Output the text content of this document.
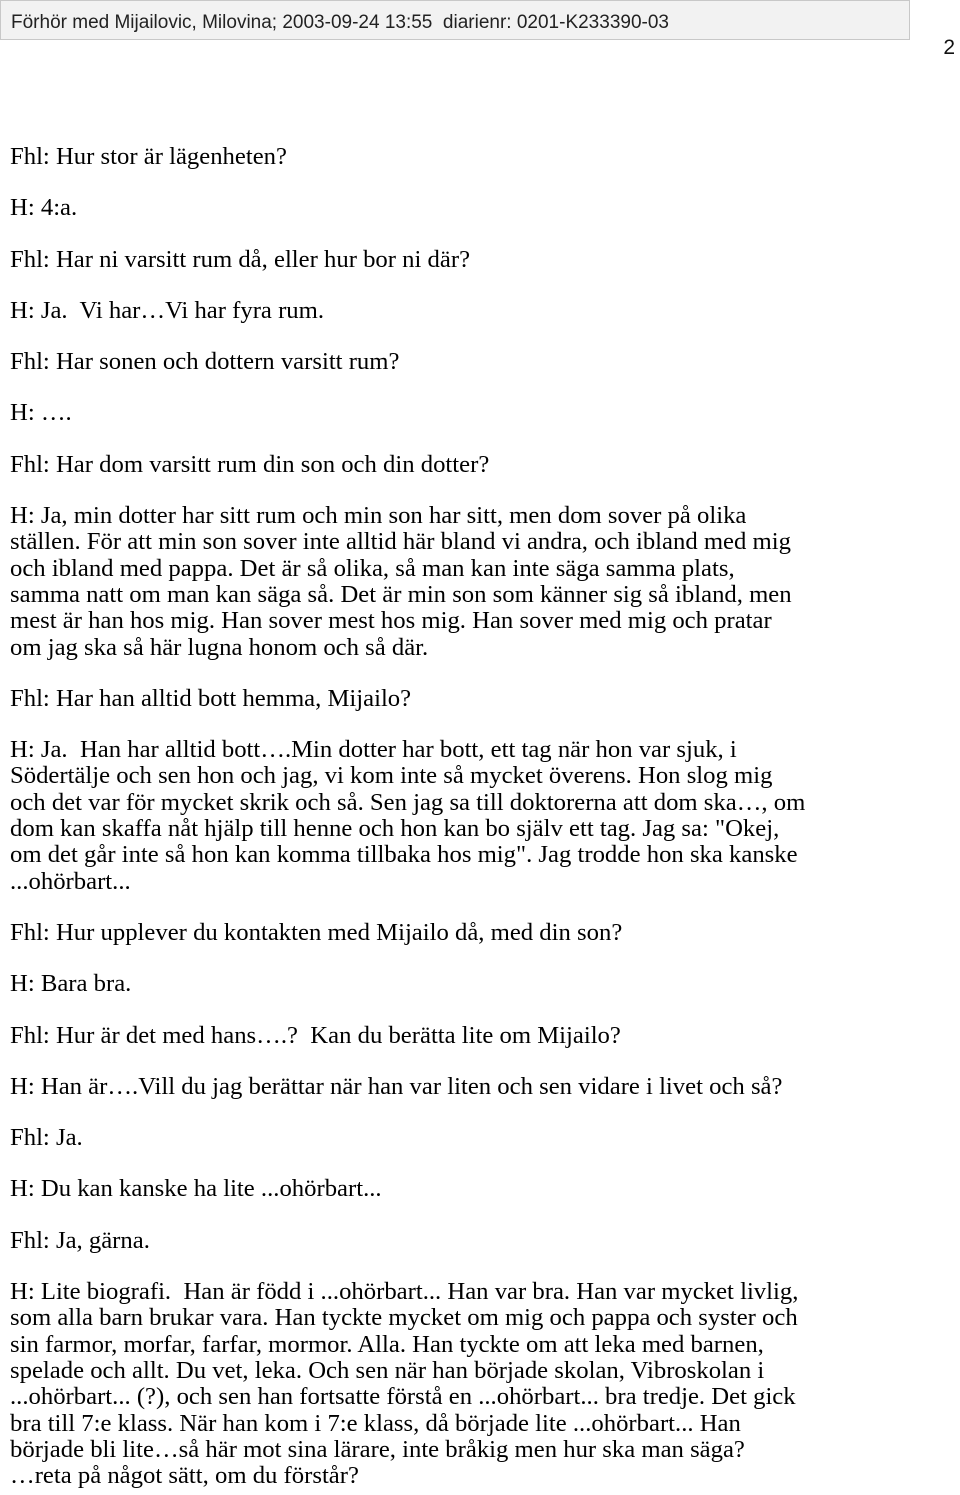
Förhör med Mijailovic, Milovina; 2003-09-24 13:55  diarienr: 0201-K233390-03
2
Fhl: Hur stor är lägenheten?
H: 4:a.
Fhl: Har ni varsitt rum då, eller hur bor ni där?
H: Ja.  Vi har…Vi har fyra rum.
Fhl: Har sonen och dottern varsitt rum?
H: ….
Fhl: Har dom varsitt rum din son och din dotter?
H: Ja, min dotter har sitt rum och min son har sitt, men dom sover på olika
ställen. För att min son sover inte alltid här bland vi andra, och ibland med mig
och ibland med pappa. Det är så olika, så man kan inte säga samma plats,
samma natt om man kan säga så. Det är min son som känner sig så ibland, men
mest är han hos mig. Han sover mest hos mig. Han sover med mig och pratar
om jag ska så här lugna honom och så där.
Fhl: Har han alltid bott hemma, Mijailo?
H: Ja.  Han har alltid bott….Min dotter har bott, ett tag när hon var sjuk, i
Södertälje och sen hon och jag, vi kom inte så mycket överens. Hon slog mig
och det var för mycket skrik och så. Sen jag sa till doktorerna att dom ska…, om
dom kan skaffa nåt hjälp till henne och hon kan bo själv ett tag. Jag sa: "Okej,
om det går inte så hon kan komma tillbaka hos mig". Jag trodde hon ska kanske
...ohörbart...
Fhl: Hur upplever du kontakten med Mijailo då, med din son?
H: Bara bra.
Fhl: Hur är det med hans….?  Kan du berätta lite om Mijailo?
H: Han är….Vill du jag berättar när han var liten och sen vidare i livet och så?
Fhl: Ja.
H: Du kan kanske ha lite ...ohörbart...
Fhl: Ja, gärna.
H: Lite biografi.  Han är född i ...ohörbart... Han var bra. Han var mycket livlig,
som alla barn brukar vara. Han tyckte mycket om mig och pappa och syster och
sin farmor, morfar, farfar, mormor. Alla. Han tyckte om att leka med barnen,
spelade och allt. Du vet, leka. Och sen när han började skolan, Vibroskolan i
...ohörbart... (?), och sen han fortsatte förstå en ...ohörbart... bra tredje. Det gick
bra till 7:e klass. När han kom i 7:e klass, då började lite ...ohörbart... Han
började bli lite…så här mot sina lärare, inte bråkig men hur ska man säga?
…reta på något sätt, om du förstår?
